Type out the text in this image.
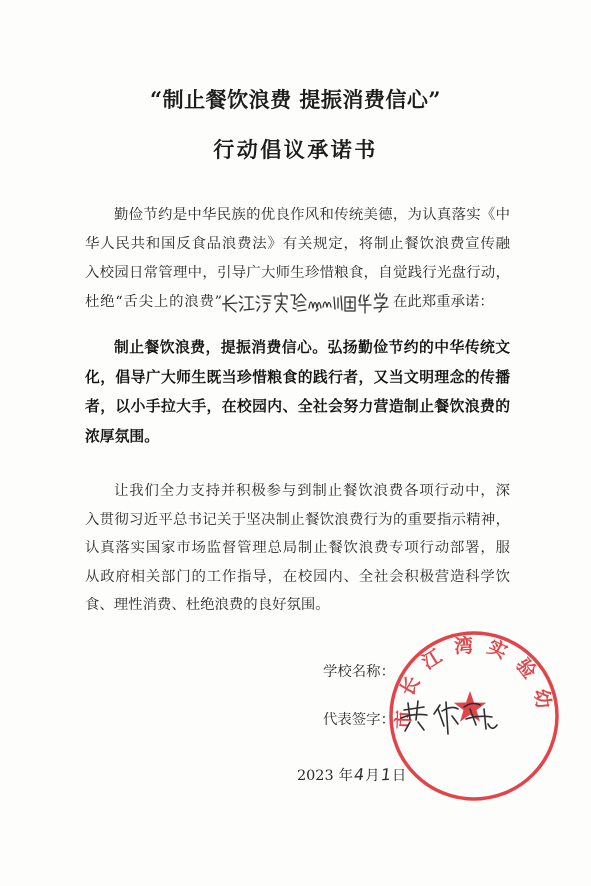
“制止餐饮浪费 提振消费信心”
行动倡议承诺书
勤俭节约是中华民族的优良作风和传统美德，为认真落实《中
华人民共和国反食品浪费法》有关规定，将制止餐饮浪费宣传融
入校园日常管理中，引导广大师生珍惜粮食，自觉践行光盘行动，
杜绝“舌尖上的浪费”	在此郑重承诺：
制止餐饮浪费，提振消费信心。弘扬勤俭节约的中华传统文
化，倡导广大师生既当珍惜粮食的践行者，又当文明理念的传播
者，以小手拉大手，在校园内、全社会努力营造制止餐饮浪费的
浓厚氛围。
让我们全力支持并积极参与到制止餐饮浪费各项行动中，深
入贯彻习近平总书记关于坚决制止餐饮浪费行为的重要指示精神，
认真落实国家市场监督管理总局制止餐饮浪费专项行动部署，服
从政府相关部门的工作指导，在校园内、全社会积极营造科学饮
食、理性消费、杜绝浪费的良好氛围。
学校名称：
代表签字：
2023 年4月1日
市长江湾实验幼
